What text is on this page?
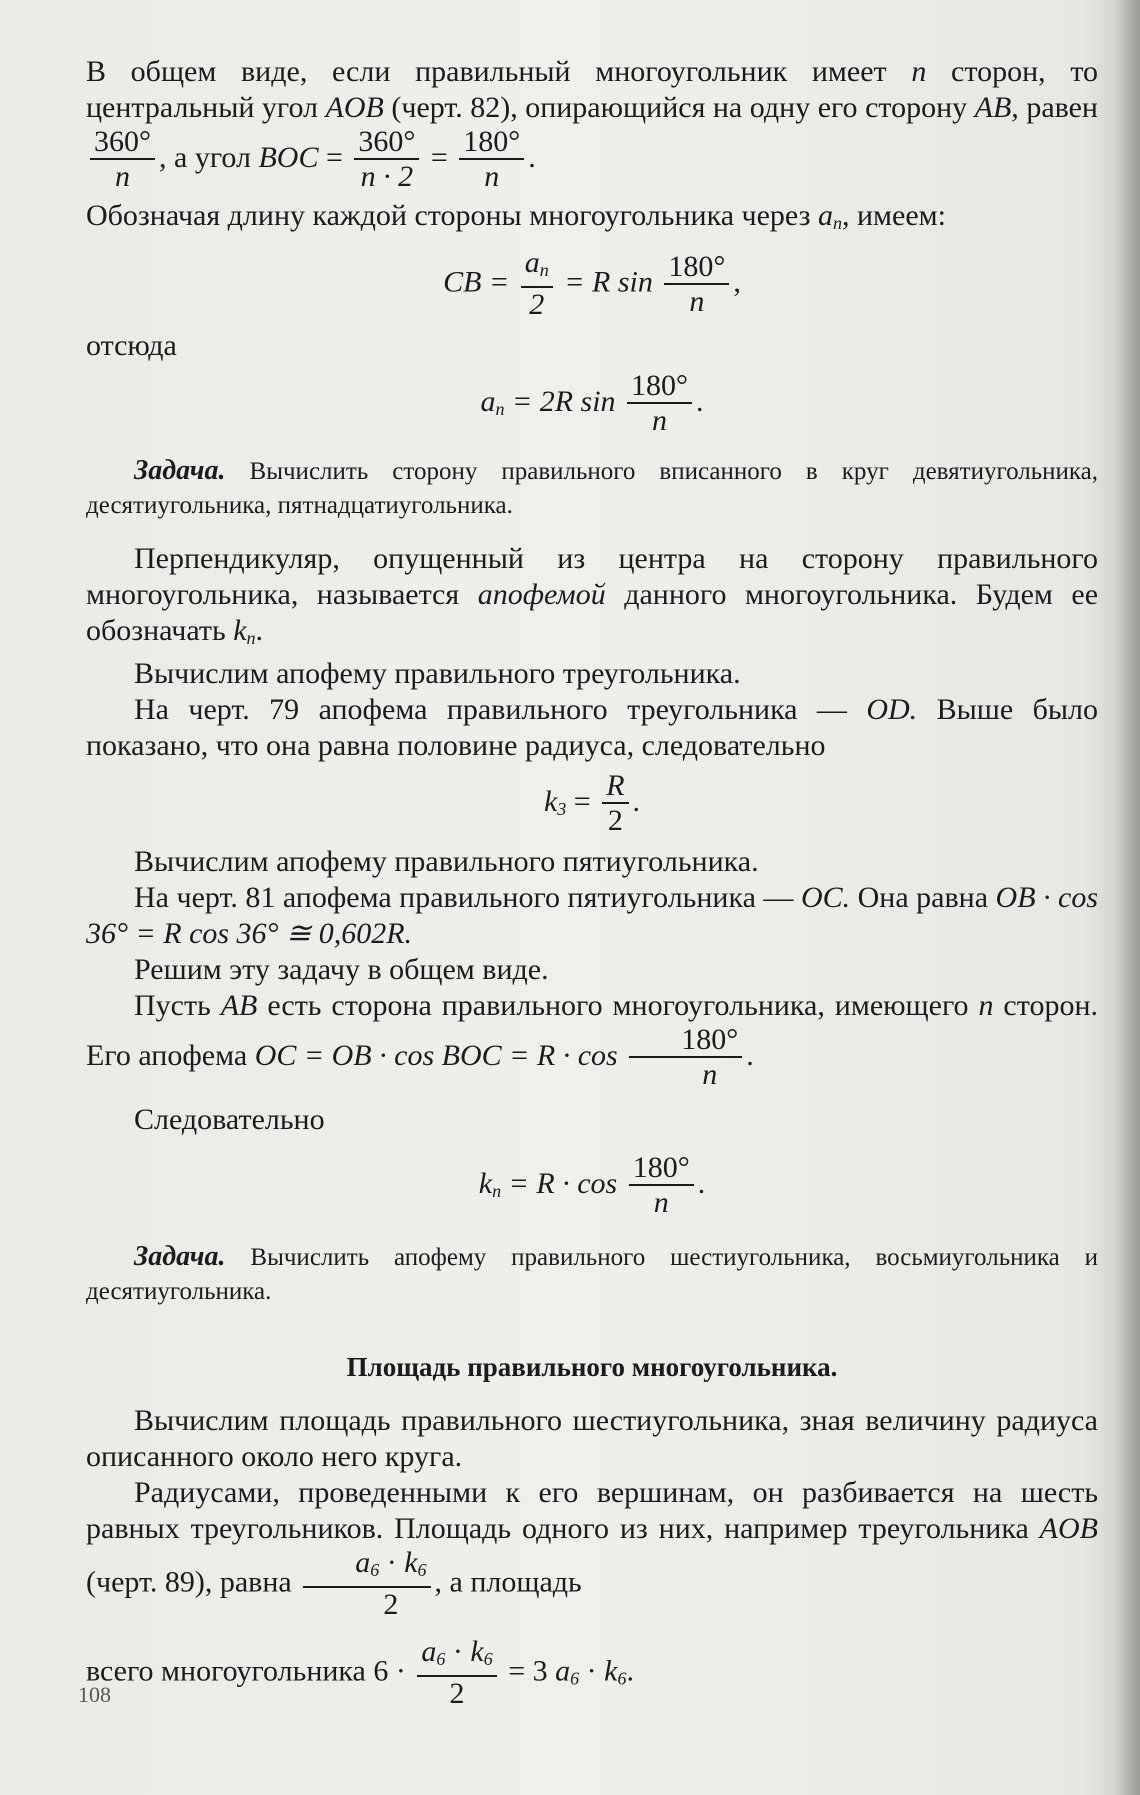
В общем виде, если правильный многоугольник имеет n сторон, то центральный угол AOB (черт. 82), опирающийся на одну его сторону AB, равен
$\frac{360^\circ}{n}$ , а угол BOC = $\frac{360^\circ}{n \cdot 2} = \frac{180^\circ}{n}$ .

Обозначая длину каждой стороны многоугольника через $a_n$, имеем:

CB = $\frac{a_n}{2} = R$ $\sin \frac{180^\circ}{n}$ ,

отсюда

$a_n = 2R$ $\sin \frac{180^\circ}{n}$ .

Задача. Вычислить сторону правильного вписанного в круг девятиугольника, десятиугольника, пятнадцатиугольника.

Перпендикуляр, опущенный из центра на сторону правильного многоугольника, называется апофемой данного многоугольника. Будем ее обозначать $k_n$.

Вычислим апофему правильного треугольника.

На черт. 79 апофема правильного треугольника — OD. Выше было показано, что она равна половине радиуса, следовательно

$k_3 = \frac{R}{2}$ .

Вычислим апофему правильного пятиугольника.

На черт. 81 апофема правильного пятиугольника — OC. Она равна OB · cos 36° = R cos 36° ≅ 0,602R.

Решим эту задачу в общем виде.

Пусть AB есть сторона правильного многоугольника, имеющего n сторон. Его апофема OC = OB · cos BOC = $R \cdot \cos \frac{180^\circ}{n}$ .

Следовательно

$k_n = R \cdot \cos \frac{180^\circ}{n}$ .

Задача. Вычислить апофему правильного шестиугольника, восьмиугольника и десятиугольника.

Площадь правильного многоугольника.

Вычислим площадь правильного шестиугольника, зная величину радиуса описанного около него круга.

Радиусами, проведенными к его вершинам, он разбивается на шесть равных треугольников. Площадь одного из них, например треугольника AOB (черт. 89), равна $\frac{a_6 \cdot k_6}{2}$ , а площадь

всего многоугольника $6 \cdot \frac{a_6 \cdot k_6}{2} = 3$ $a_6 \cdot k_6$.

108
